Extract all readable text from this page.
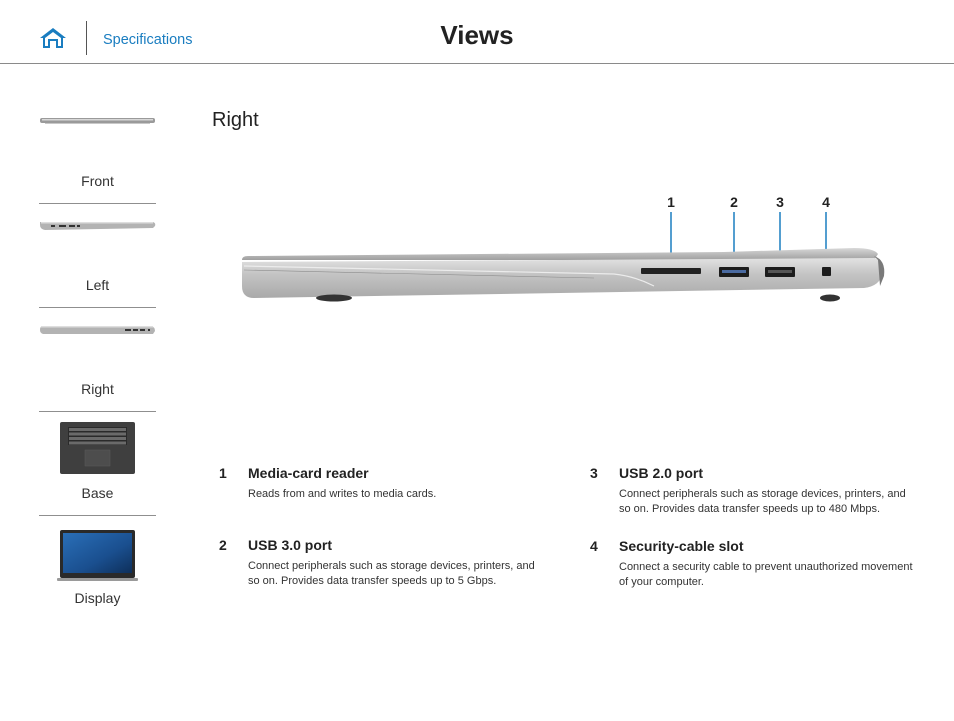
Specifications	Views
Front
Left
Right
Base
Display
Right
1	2	3	4
1 Media-card reader
Reads from and writes to media cards.
2 USB 3.0 port
Connect peripherals such as storage devices, printers, and so on. Provides data transfer speeds up to 5 Gbps.
3 USB 2.0 port
Connect peripherals such as storage devices, printers, and so on. Provides data transfer speeds up to 480 Mbps.
4 Security-cable slot
Connect a security cable to prevent unauthorized movement of your computer.
